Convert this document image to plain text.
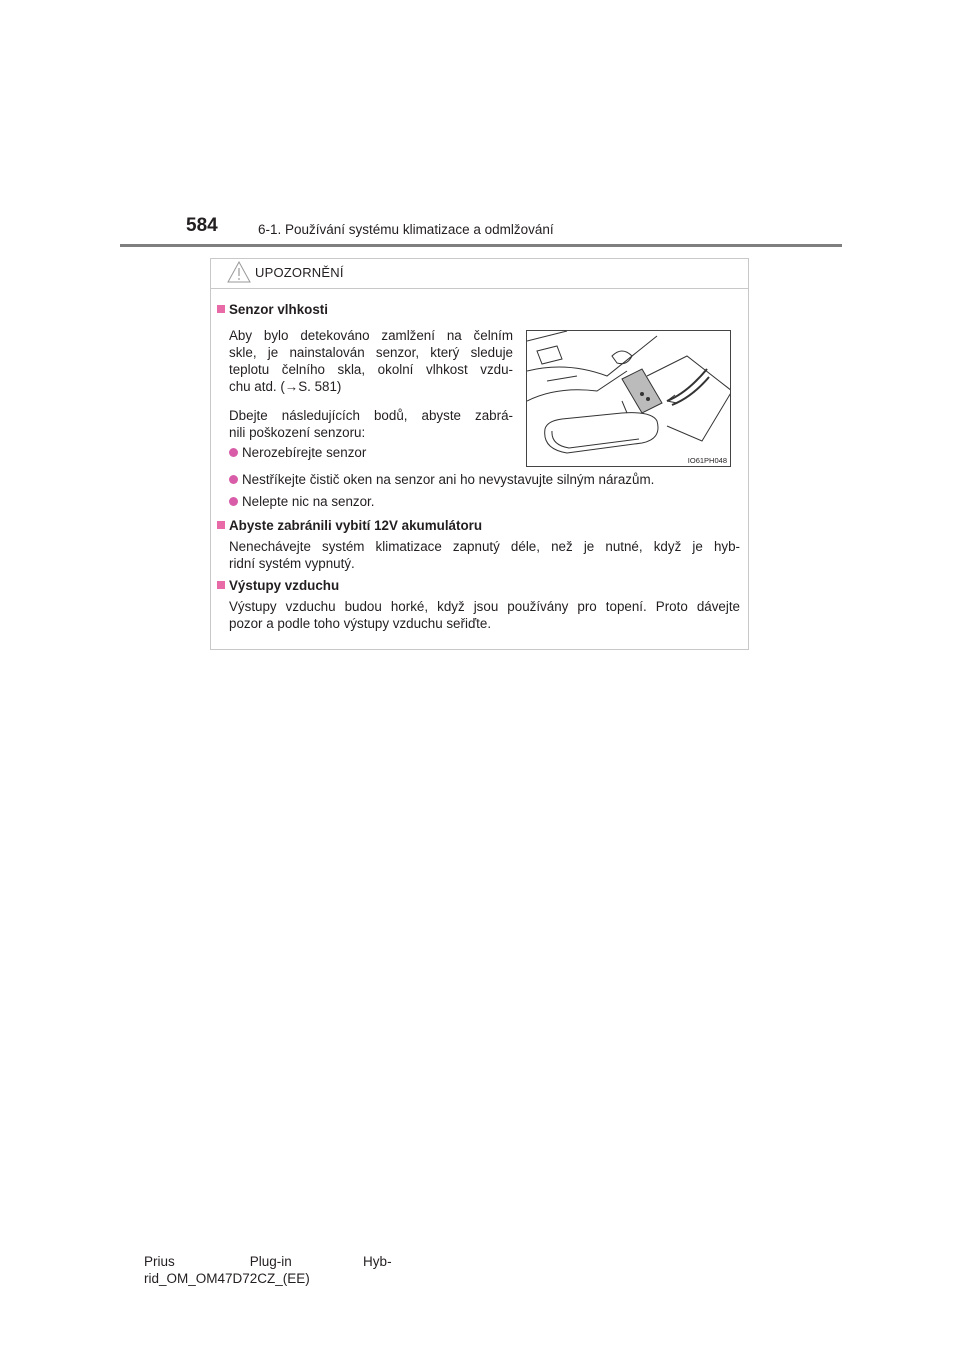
584	6-1. Používání systému klimatizace a odmlžování
UPOZORNĚNÍ
Senzor vlhkosti
Aby bylo detekováno zamlžení na čelním
skle, je nainstalován senzor, který sleduje
teplotu čelního skla, okolní vlhkost vzdu-
chu atd. (→S. 581)
Dbejte následujících bodů, abyste zabrá-
nili poškození senzoru:
Nerozebírejte senzor
Nestříkejte čistič oken na senzor ani ho nevystavujte silným nárazům.
Nelepte nic na senzor.
IO61PH048
Abyste zabránili vybití 12V akumulátoru
Nenechávejte systém klimatizace zapnutý déle, než je nutné, když je hyb-
ridní systém vypnutý.
Výstupy vzduchu
Výstupy vzduchu budou horké, když jsou používány pro topení. Proto dávejte
pozor a podle toho výstupy vzduchu seřiďte.
Prius                    Plug-in                   Hyb-
rid_OM_OM47D72CZ_(EE)
